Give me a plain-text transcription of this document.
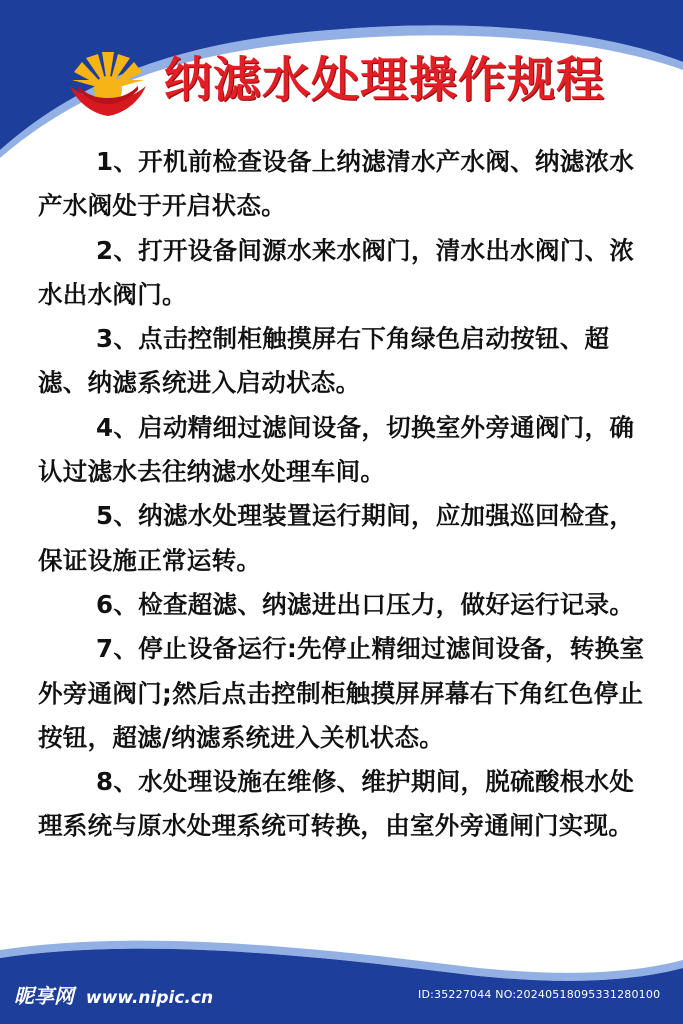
纳滤水处理操作规程

1、开机前检查设备上纳滤清水产水阀、纳滤浓水产水阀处于开启状态。

2、打开设备间源水来水阀门，清水出水阀门、浓水出水阀门。

3、点击控制柜触摸屏右下角绿色启动按钮、超滤、纳滤系统进入启动状态。

4、启动精细过滤间设备，切换室外旁通阀门，确认过滤水去往纳滤水处理车间。

5、纳滤水处理装置运行期间，应加强巡回检查，保证设施正常运转。

6、检查超滤、纳滤进出口压力，做好运行记录。

7、停止设备运行:先停止精细过滤间设备，转换室外旁通阀门;然后点击控制柜触摸屏屏幕右下角红色停止按钮，超滤/纳滤系统进入关机状态。

8、水处理设施在维修、维护期间，脱硫酸根水处理系统与原水处理系统可转换，由室外旁通闸门实现。

昵享网 www.nipic.cn	ID:35227044 NO:20240518095331280100
